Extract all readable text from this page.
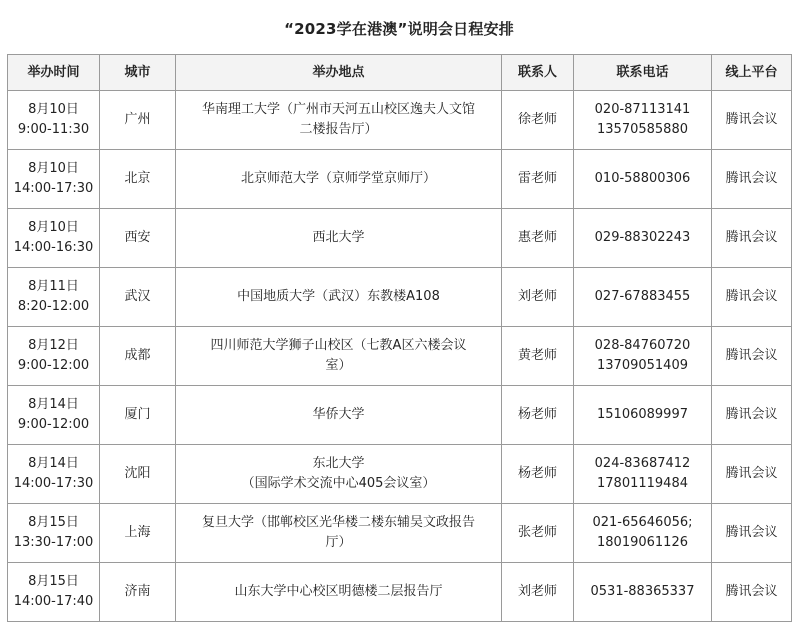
“2023学在港澳”说明会日程安排
举办时间	城市	举办地点	联系人	联系电话	线上平台

8月10日
9:00-11:30	广州	华南理工大学（广州市天河五山校区逸夫人文馆
二楼报告厅）	徐老师	020-87113141
13570585880	腾讯会议

8月10日
14:00-17:30	北京	北京师范大学（京师学堂京师厅）	雷老师	010-58800306	腾讯会议

8月10日
14:00-16:30	西安	西北大学	惠老师	029-88302243	腾讯会议

8月11日
8:20-12:00	武汉	中国地质大学（武汉）东教楼A108	刘老师	027-67883455	腾讯会议

8月12日
9:00-12:00	成都	四川师范大学狮子山校区（七教A区六楼会议
室）	黄老师	028-84760720
13709051409	腾讯会议

8月14日
9:00-12:00	厦门	华侨大学	杨老师	15106089997	腾讯会议

8月14日
14:00-17:30	沈阳	东北大学
（国际学术交流中心405会议室）	杨老师	024-83687412
17801119484	腾讯会议

8月15日
13:30-17:00	上海	复旦大学（邯郸校区光华楼二楼东辅吴文政报告
厅）	张老师	021-65646056;
18019061126	腾讯会议

8月15日
14:00-17:40	济南	山东大学中心校区明德楼二层报告厅	刘老师	0531-88365337	腾讯会议
